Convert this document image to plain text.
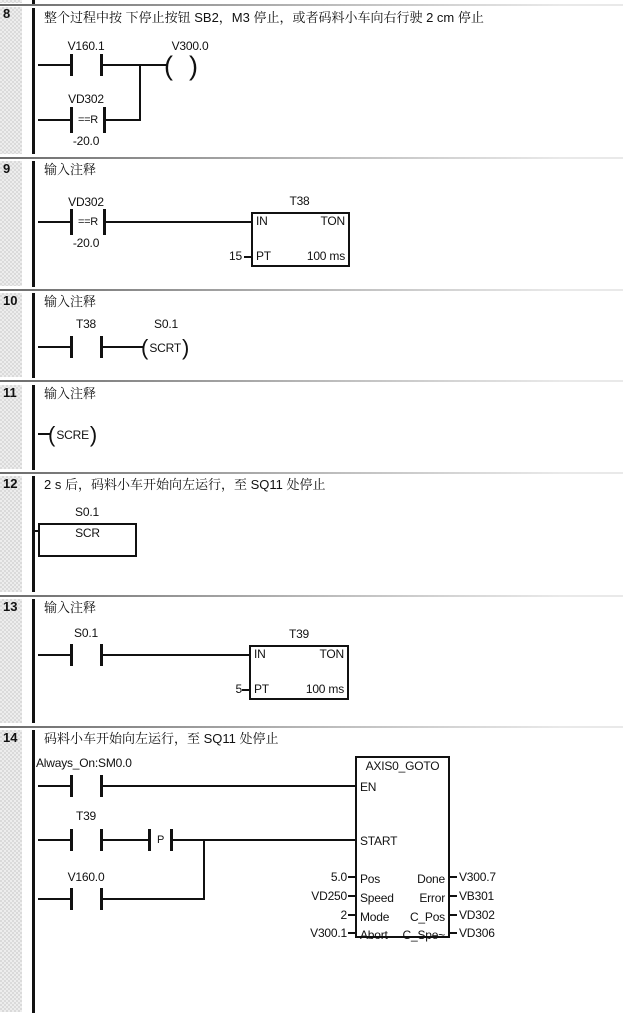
8	整个过程中按 下停止按钮 SB2，M3 停止，或者码料小车向右行驶 2 cm 停止
V160.1	V300.0
( )
VD302
==R
-20.0
9	输入注释
VD302
==R
-20.0
T38
IN	TON
PT	100 ms
15
10 输入注释
T38	S0.1
( SCRT )
11 输入注释
( SCRE )
12 2 s 后，码料小车开始向左运行，至 SQ11 处停止
S0.1
SCR
13 输入注释
S0.1	T39
IN	TON
PT	100 ms
5
14 码料小车开始向左运行，至 SQ11 处停止
Always_On:SM0.0
T39
P
V160.0
AXIS0_GOTO
EN
START
Pos
Speed
Mode
Abort
Done
Error
C_Pos
C_Spe~
5.0
VD250
2
V300.1
V300.7
VB301
VD302
VD306
